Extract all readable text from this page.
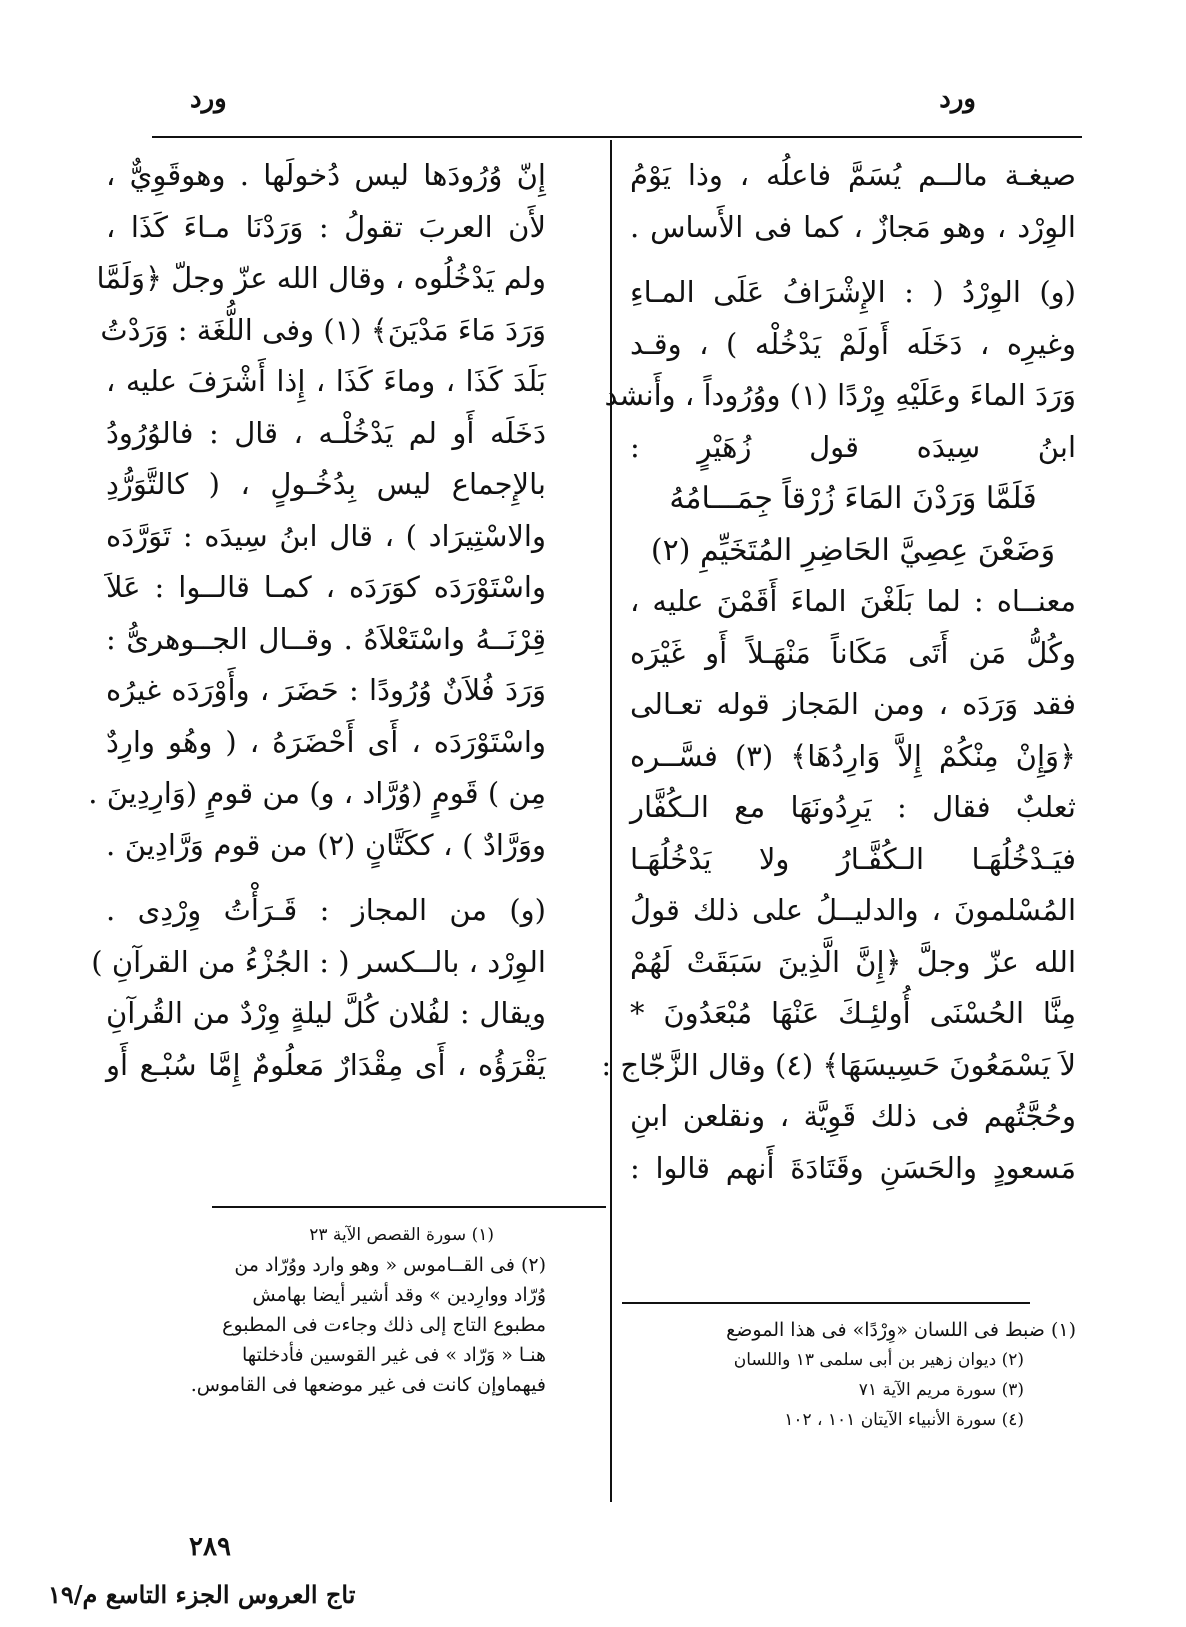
ورد
ورد
صيغـة مالــم يُسَمَّ فاعلُه ، وذا يَوْمُ
الوِرْد ، وهو مَجازٌ ، كما فى الأَساس .
(و) الوِرْدُ ( : الإِشْرَافُ عَلَى المـاءِ
وغيرِه ، دَخَلَه أَولَمْ يَدْخُلْه ) ، وقـد
وَرَدَ الماءَ وعَلَيْهِ وِرْدًا (١) ووُرُوداً ، وأَنشد
ابنُ سِيدَه قول زُهَيْرٍ :
فَلَمَّا وَرَدْنَ المَاءَ زُرْقاً جِمَـــامُهُ
وَضَعْنَ عِصِيَّ الحَاضِرِ المُتَخَيِّمِ (٢)
معنــاه : لما بَلَغْنَ الماءَ أَقَمْنَ عليه ،
وكُلُّ مَن أَتَى مَكَاناً مَنْهَـلاً أَو غَيْرَه
فقد وَرَدَه ، ومن المَجاز قوله تعـالى
﴿وَإِنْ مِنْكُمْ إِلاَّ وَارِدُهَا﴾ (٣) فسَّــره
ثعلبٌ فقال : يَرِدُونَهَا مع الـكُفَّار
فيَـدْخُلُهَـا الـكُفَّـارُ ولا يَدْخُلُهَـا
المُسْلمونَ ، والدليــلُ على ذلك قولُ
الله عزّ وجلَّ ﴿إِنَّ الَّذِينَ سَبَقَتْ لَهُمْ
مِنَّا الحُسْنَى أُولئِـكَ عَنْهَا مُبْعَدُونَ *
لاَ يَسْمَعُونَ حَسِيسَهَا﴾ (٤) وقال الزَّجّاج :
وحُجَّتُهم فى ذلك قَوِيَّة ، ونقلعن ابنِ
مَسعودٍ والحَسَنِ وقَتَادَةَ أَنهم قالوا :
إِنّ وُرُودَها ليس دُخولَها . وهوقَوِيٌّ ،
لأَن العربَ تقولُ : وَرَدْنَا مـاءَ كَذَا ،
ولم يَدْخُلُوه ، وقال الله عزّ وجلّ ﴿وَلَمَّا
وَرَدَ مَاءَ مَدْيَنَ﴾ (١) وفى اللُّغَة : وَرَدْتُ
بَلَدَ كَذَا ، وماءَ كَذَا ، إِذا أَشْرَفَ عليه ،
دَخَلَه أَو لم يَدْخُلْـه ، قال : فالوُرُودُ
بالإِجماع ليس بِدُخُـولٍ ، ( كالتَّوَرُّدِ
والاسْتِيرَاد ) ، قال ابنُ سِيدَه : تَوَرَّدَه
واسْتَوْرَدَه كوَرَدَه ، كمـا قالــوا : عَلاَ
قِرْنَــهُ واسْتَعْلاَهُ . وقــال الجــوهرىُّ :
وَرَدَ فُلاَنٌ وُرُودًا : حَضَرَ ، وأَوْرَدَه غيرُه
واسْتَوْرَدَه ، أَى أَحْضَرَهُ ، ( وهُو وارِدٌ
مِن ) قَومٍ (وُرَّاد ، و) من قومٍ (وَارِدِينَ .
ووَرَّادٌ ) ، ككَتَّانٍ (٢) من قوم وَرَّادِينَ .
(و) من المجاز : قَـرَأْتُ وِرْدِى .
الوِرْد ، بالــكسر ( : الجُزْءُ من القرآنِ )
ويقال : لفُلان كُلَّ ليلةٍ وِرْدٌ من القُرآنِ
يَقْرَؤُه ، أَى مِقْدَارٌ مَعلُومٌ إِمَّا سُبْـع أَو
(١) سورة القصص الآية ٢٣
(٢) فى القــاموس « وهو وارد ووُرّاد من
وُرّاد ووارِدين » وقد أشير أيضا بهامش
مطبوع التاج إلى ذلك وجاءت فى المطبوع
هنـا « وَرّاد » فى غير القوسين فأدخلتها
فيهماوإن كانت فى غير موضعها فى القاموس.
(١) ضبط فى اللسان «وِرْدًا» فى هذا الموضع
(٢) ديوان زهير بن أبى سلمى ١٣ واللسان
(٣) سورة مريم الآية ٧١
(٤) سورة الأنبياء الآيتان ١٠١ ، ١٠٢
٢٨٩
تاج العروس الجزء التاسع م/١٩
